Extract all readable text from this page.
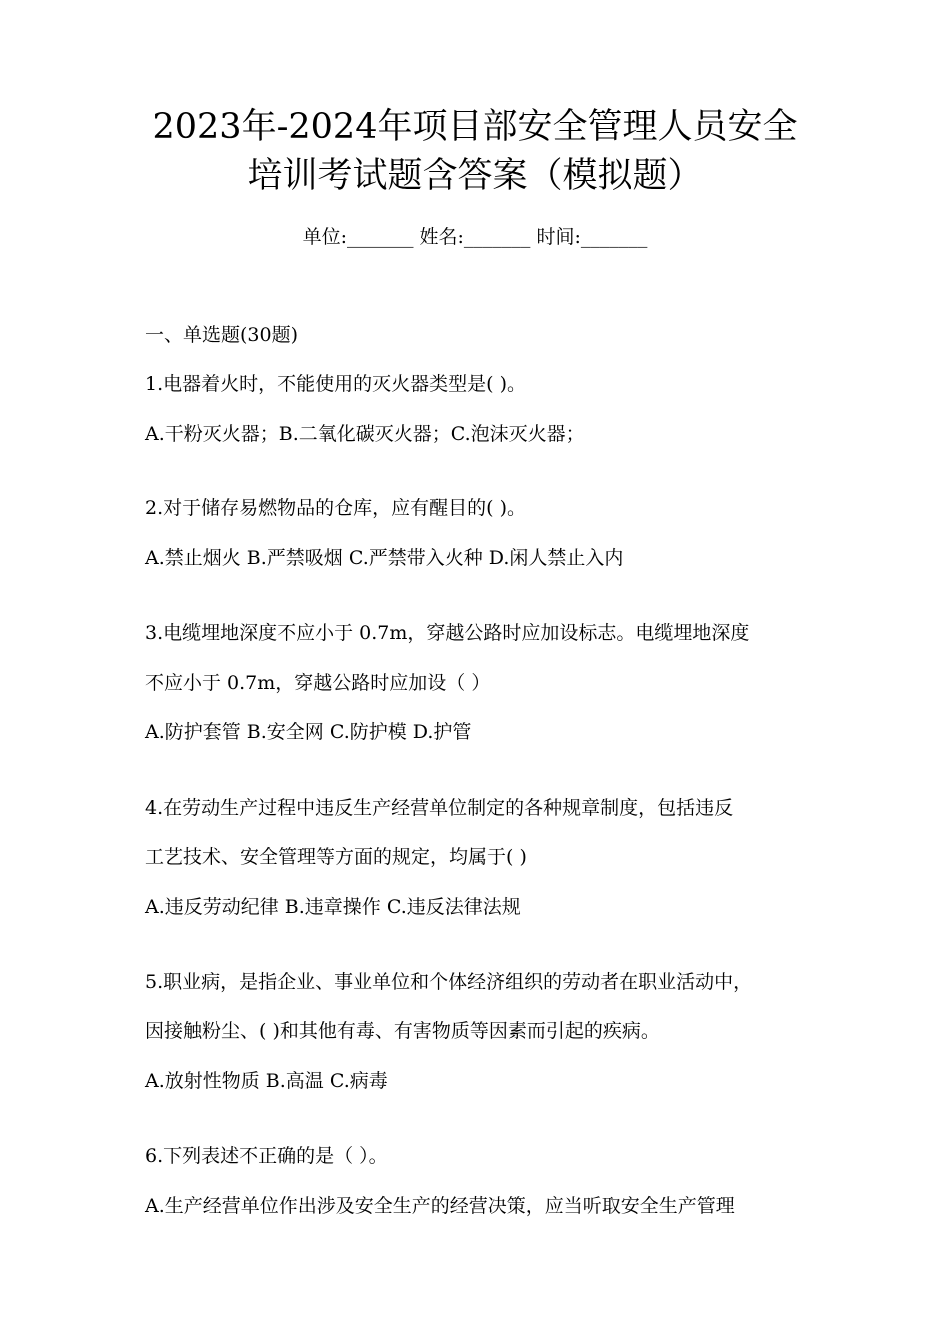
2023年-2024年项目部安全管理人员安全
培训考试题含答案（模拟题）
单位:_______ 姓名:_______ 时间:_______
一、单选题(30题)
1.电器着火时，不能使用的灭火器类型是( )。
A.干粉灭火器；B.二氧化碳灭火器；C.泡沫灭火器；
2.对于储存易燃物品的仓库，应有醒目的( )。
A.禁止烟火 B.严禁吸烟 C.严禁带入火种 D.闲人禁止入内
3.电缆埋地深度不应小于 0.7m，穿越公路时应加设标志。电缆埋地深度
不应小于 0.7m，穿越公路时应加设（ ）
A.防护套管 B.安全网 C.防护模 D.护管
4.在劳动生产过程中违反生产经营单位制定的各种规章制度，包括违反
工艺技术、安全管理等方面的规定，均属于( )
A.违反劳动纪律 B.违章操作 C.违反法律法规
5.职业病，是指企业、事业单位和个体经济组织的劳动者在职业活动中，
因接触粉尘、( )和其他有毒、有害物质等因素而引起的疾病。
A.放射性物质 B.高温 C.病毒
6.下列表述不正确的是（ ）。
A.生产经营单位作出涉及安全生产的经营决策，应当听取安全生产管理
